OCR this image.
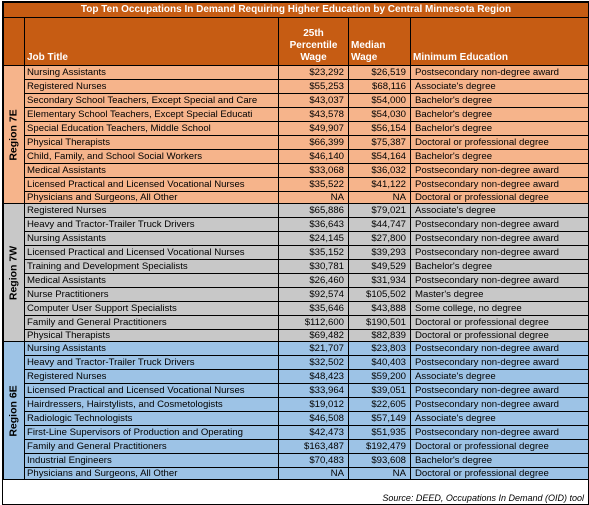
Top Ten Occupations In Demand Requiring Higher Education by Central Minnesota Region				
	Job Title	25th
Percentile
Wage	Median
Wage	Minimum Education

Region 7E	Nursing Assistants	$23,292	$26,519	Postsecondary non-degree award
	Registered Nurses	$55,253	$68,116	Associate's degree
	Secondary School Teachers, Except Special and Care	$43,037	$54,000	Bachelor's degree
	Elementary School Teachers, Except Special Educati	$43,578	$54,030	Bachelor's degree
	Special Education Teachers, Middle School	$49,907	$56,154	Bachelor's degree
	Physical Therapists	$66,399	$75,387	Doctoral or professional degree
	Child, Family, and School Social Workers	$46,140	$54,164	Bachelor's degree
	Medical Assistants	$33,068	$36,032	Postsecondary non-degree award
	Licensed Practical and Licensed Vocational Nurses	$35,522	$41,122	Postsecondary non-degree award
	Physicians and Surgeons, All Other	NA	NA	Doctoral or professional degree

Region 7W	Registered Nurses	$65,886	$79,021	Associate's degree
	Heavy and Tractor-Trailer Truck Drivers	$36,643	$44,747	Postsecondary non-degree award
	Nursing Assistants	$24,145	$27,800	Postsecondary non-degree award
	Licensed Practical and Licensed Vocational Nurses	$35,152	$39,293	Postsecondary non-degree award
	Training and Development Specialists	$30,781	$49,529	Bachelor's degree
	Medical Assistants	$26,460	$31,934	Postsecondary non-degree award
	Nurse Practitioners	$92,574	$105,502	Master's degree
	Computer User Support Specialists	$35,646	$43,888	Some college, no degree
	Family and General Practitioners	$112,600	$190,501	Doctoral or professional degree
	Physical Therapists	$69,482	$82,839	Doctoral or professional degree

Region 6E	Nursing Assistants	$21,707	$23,803	Postsecondary non-degree award
	Heavy and Tractor-Trailer Truck Drivers	$32,502	$40,403	Postsecondary non-degree award
	Registered Nurses	$48,423	$59,200	Associate's degree
	Licensed Practical and Licensed Vocational Nurses	$33,964	$39,051	Postsecondary non-degree award
	Hairdressers, Hairstylists, and Cosmetologists	$19,012	$22,605	Postsecondary non-degree award
	Radiologic Technologists	$46,508	$57,149	Associate's degree
	First-Line Supervisors of Production and Operating	$42,473	$51,935	Postsecondary non-degree award
	Family and General Practitioners	$163,487	$192,479	Doctoral or professional degree
	Industrial Engineers	$70,483	$93,608	Bachelor's degree
	Physicians and Surgeons, All Other	NA	NA	Doctoral or professional degree
Source: DEED, Occupations In Demand (OID) tool
